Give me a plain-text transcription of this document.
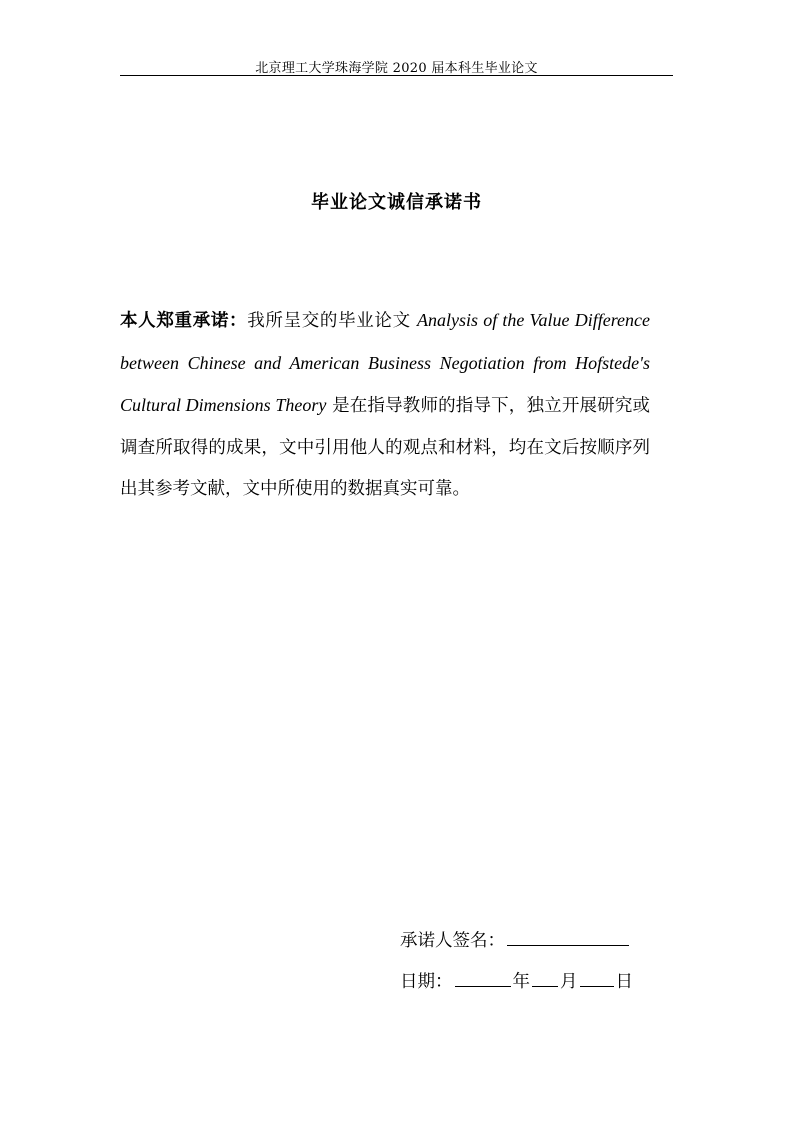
北京理工大学珠海学院 2020 届本科生毕业论文
毕业论文诚信承诺书
本人郑重承诺：我所呈交的毕业论文 Analysis of the Value Difference between Chinese and American Business Negotiation from Hofstede's Cultural Dimensions Theory 是在指导教师的指导下，独立开展研究或调查所取得的成果，文中引用他人的观点和材料，均在文后按顺序列出其参考文献，文中所使用的数据真实可靠。
承诺人签名：
日期：	年 月 日
